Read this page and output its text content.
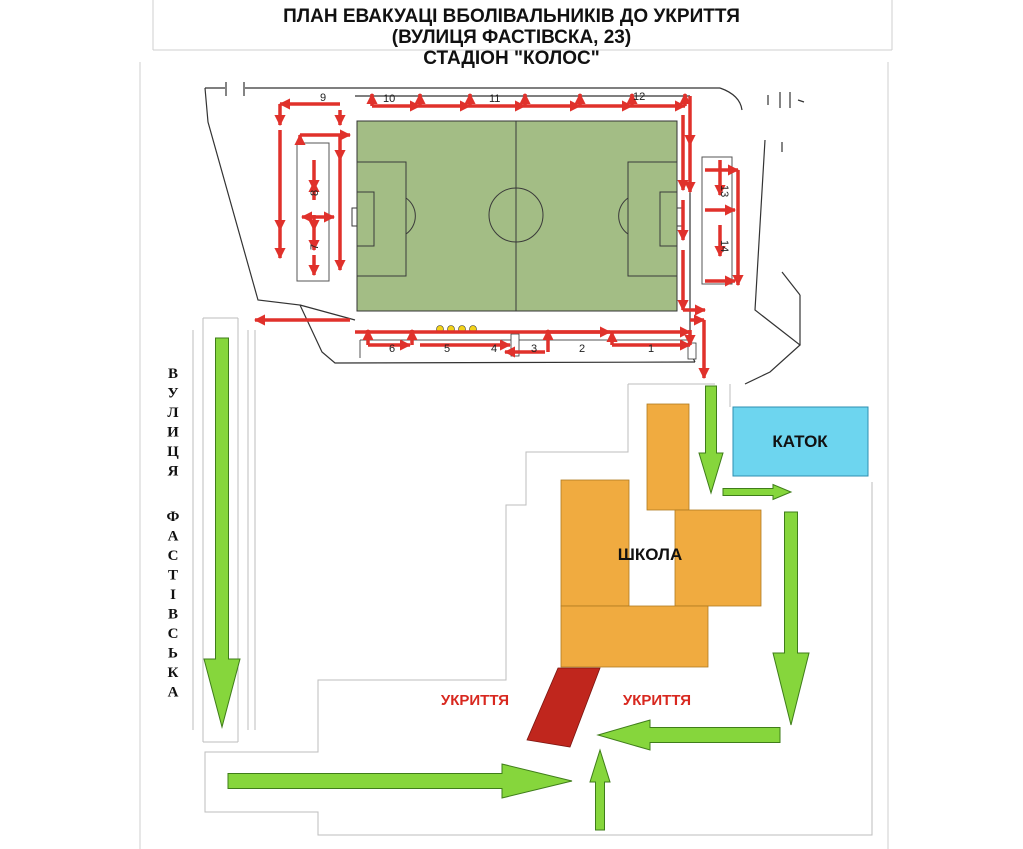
ПЛАН ЕВАКУАЦІ ВБОЛІВАЛЬНИКІВ ДО УКРИТТЯ
(ВУЛИЦЯ ФАСТІВСКА, 23)
СТАДІОН "КОЛОС"
9	10	11	12
13
14
8
7
6	5	4	3	2	1
В
У
Л
И
Ц
Я
Ф
А
С
Т
І
В
С
Ь
К
А
ШКОЛА
КАТОК
УКРИТТЯ	УКРИТТЯ
